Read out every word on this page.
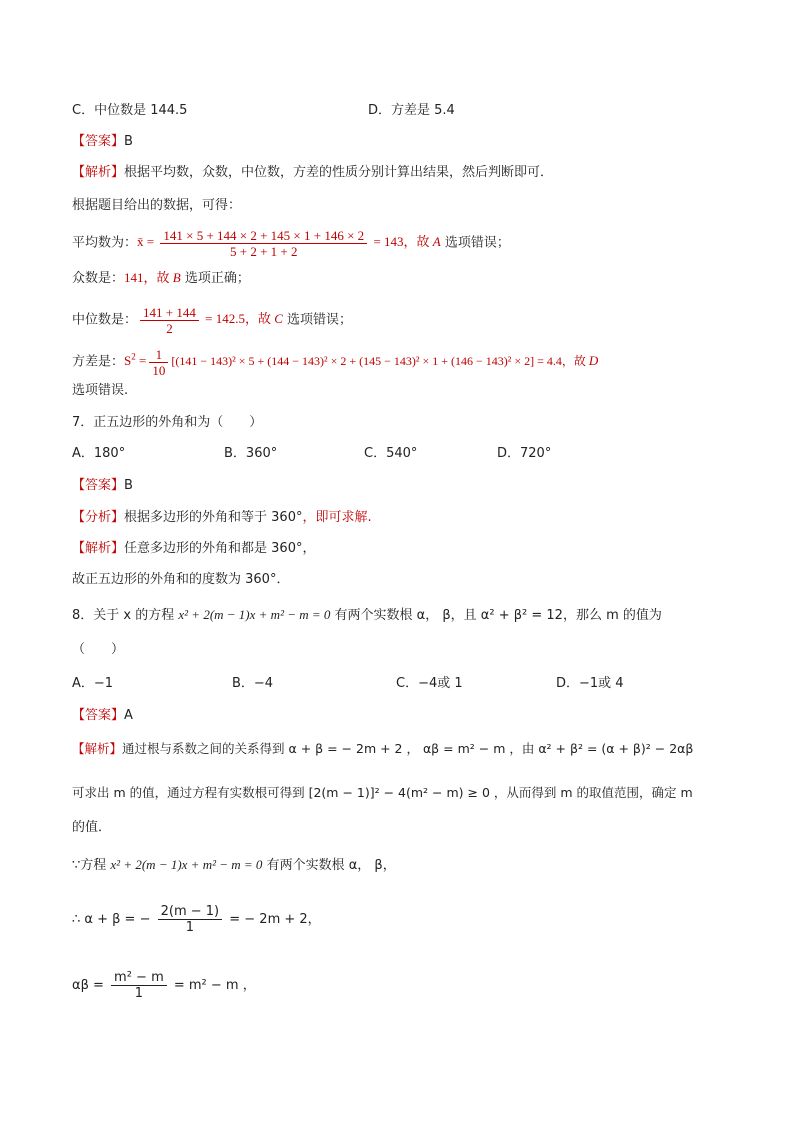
C．中位数是 144.5	D．方差是 5.4
【答案】B
【解析】根据平均数，众数，中位数，方差的性质分别计算出结果，然后判断即可．
根据题目给出的数据，可得：
平均数为：x̄ = $\frac{141 \times 5 + 144 \times 2 + 145 \times 1 + 146 \times 2}{5 + 2 + 1 + 2} = 143$，故 A 选项错误；
众数是：141，故 B 选项正确；
中位数是： $\frac{141 + 144}{2} = 142.5$，故 C 选项错误；
方差是：$S^2 = \frac{1}{10} [(141 - 143)^2 \times 5 + (144 - 143)^2 \times 2 + (145 - 143)^2 \times 1 + (146 - 143)^2 \times 2] = 4.4$，故 D
选项错误.
7．正五边形的外角和为（　　）
A．180°	B．360°	C．540°	D．720°
【答案】B
【分析】根据多边形的外角和等于 360°，即可求解.
【解析】任意多边形的外角和都是 360°，
故正五边形的外角和的度数为 360°．
8．关于 x 的方程 x² + 2(m − 1)x + m² − m = 0 有两个实数根 α， β，且 α² + β² = 12，那么 m 的值为
（　　）
A．−1	B．−4	C．−4或 1	D．−1或 4
【答案】A
【解析】通过根与系数之间的关系得到 α + β = − 2m + 2 ， αβ = m² − m ，由 α² + β² = (α + β)² − 2αβ
可求出 m 的值，通过方程有实数根可得到 [2(m − 1)]² − 4(m² − m) ≥ 0 ，从而得到 m 的取值范围，确定 m
的值．
∵方程 x² + 2(m − 1)x + m² − m = 0 有两个实数根 α， β，
∴ α + β = − $\frac{2(m - 1)}{1}$ = − 2m + 2，
$\alpha\beta = \frac{\text{m² − m}}{1} = m^2 - m$ ，
